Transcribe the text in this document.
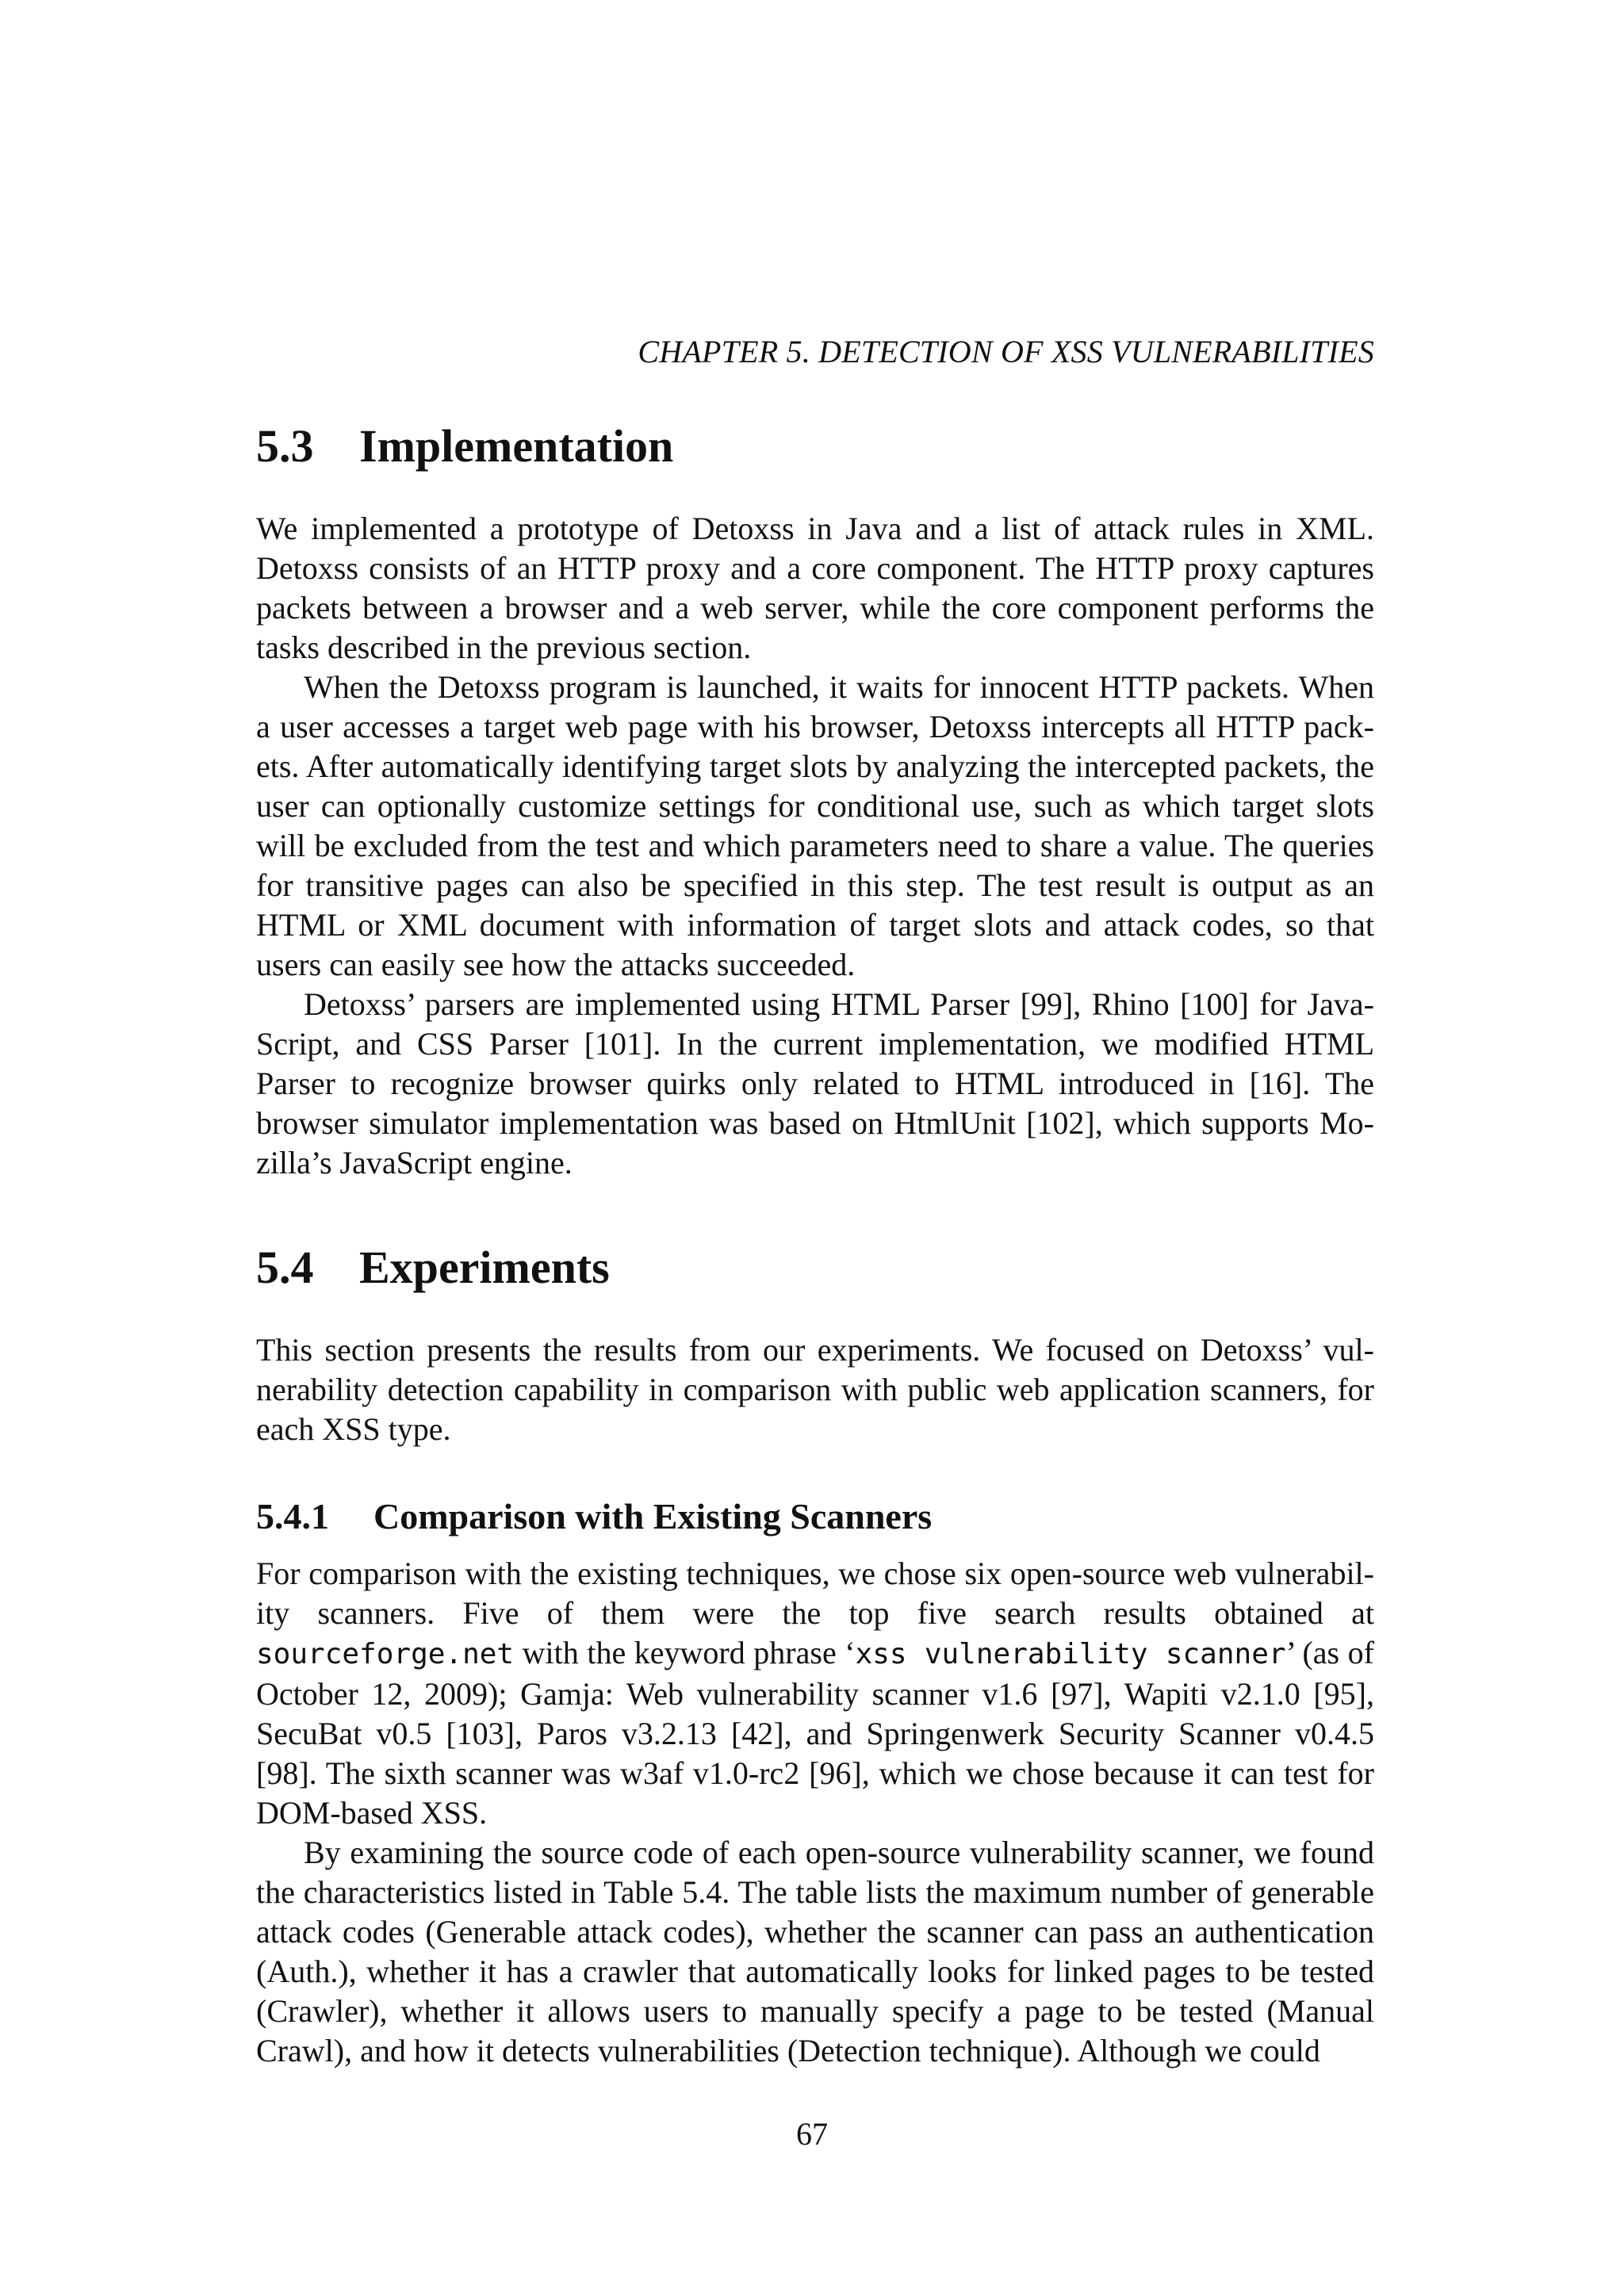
CHAPTER 5. DETECTION OF XSS VULNERABILITIES
5.3 Implementation

We implemented a prototype of Detoxss in Java and a list of attack rules in XML. Detoxss consists of an HTTP proxy and a core component. The HTTP proxy captures packets between a browser and a web server, while the core component performs the tasks described in the previous section.

When the Detoxss program is launched, it waits for innocent HTTP packets. When a user accesses a target web page with his browser, Detoxss intercepts all HTTP packets. After automatically identifying target slots by analyzing the intercepted packets, the user can optionally customize settings for conditional use, such as which target slots will be excluded from the test and which parameters need to share a value. The queries for transitive pages can also be specified in this step. The test result is output as an HTML or XML document with information of target slots and attack codes, so that users can easily see how the attacks succeeded.

Detoxss’ parsers are implemented using HTML Parser [99], Rhino [100] for JavaScript, and CSS Parser [101]. In the current implementation, we modified HTML Parser to recognize browser quirks only related to HTML introduced in [16]. The browser simulator implementation was based on HtmlUnit [102], which supports Mozilla’s JavaScript engine.

5.4 Experiments

This section presents the results from our experiments. We focused on Detoxss’ vulnerability detection capability in comparison with public web application scanners, for each XSS type.

5.4.1 Comparison with Existing Scanners

For comparison with the existing techniques, we chose six open-source web vulnerability scanners. Five of them were the top five search results obtained at sourceforge.net with the keyword phrase ‘xss vulnerability scanner’ (as of October 12, 2009); Gamja: Web vulnerability scanner v1.6 [97], Wapiti v2.1.0 [95], SecuBat v0.5 [103], Paros v3.2.13 [42], and Springenwerk Security Scanner v0.4.5 [98]. The sixth scanner was w3af v1.0-rc2 [96], which we chose because it can test for DOM-based XSS.

By examining the source code of each open-source vulnerability scanner, we found the characteristics listed in Table 5.4. The table lists the maximum number of generable attack codes (Generable attack codes), whether the scanner can pass an authentication (Auth.), whether it has a crawler that automatically looks for linked pages to be tested (Crawler), whether it allows users to manually specify a page to be tested (Manual Crawl), and how it detects vulnerabilities (Detection technique). Although we could

67
